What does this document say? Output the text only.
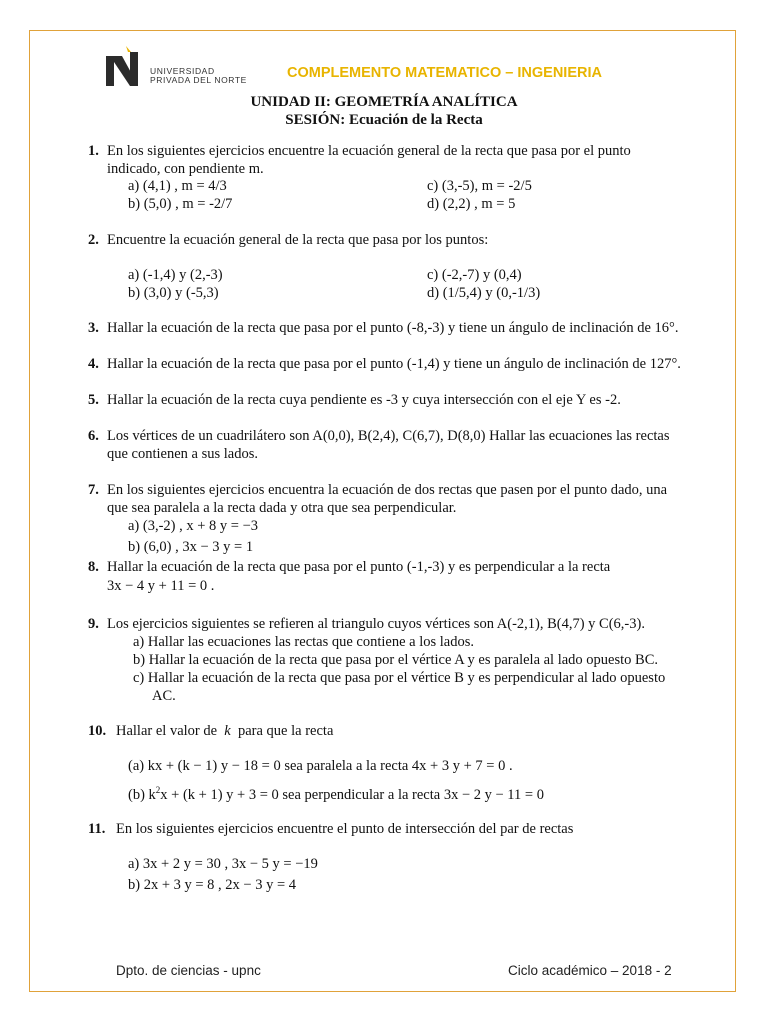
UNIVERSIDAD
PRIVADA DEL NORTE	COMPLEMENTO MATEMATICO – INGENIERIA
UNIDAD II: GEOMETRÍA ANALÍTICA
SESIÓN: Ecuación de la Recta
1. En los siguientes ejercicios encuentre la ecuación general de la recta que pasa por el punto
indicado, con pendiente m.
a) (4,1) , m = 4/3
b) (5,0) , m = -2/7
c) (3,-5), m = -2/5
d) (2,2) , m = 5
2. Encuentre la ecuación general de la recta que pasa por los puntos:
a) (-1,4) y (2,-3)
b) (3,0) y (-5,3)
c) (-2,-7) y (0,4)
d) (1/5,4) y (0,-1/3)
3. Hallar la ecuación de la recta que pasa por el punto (-8,-3) y tiene un ángulo de inclinación de 16°.
4. Hallar la ecuación de la recta que pasa por el punto (-1,4) y tiene un ángulo de inclinación de 127°.
5. Hallar la ecuación de la recta cuya pendiente es -3 y cuya intersección con el eje Y es -2.
6. Los vértices de un cuadrilátero son A(0,0), B(2,4), C(6,7), D(8,0) Hallar las ecuaciones las rectas
que contienen a sus lados.
7. En los siguientes ejercicios encuentra la ecuación de dos rectas que pasen por el punto dado, una
que sea paralela a la recta dada y otra que sea perpendicular.
a) (3,-2) , x + 8 y = −3
b) (6,0) , 3x − 3 y = 1
8. Hallar la ecuación de la recta que pasa por el punto (-1,-3) y es perpendicular a la recta
3x − 4 y + 11 = 0 .
9. Los ejercicios siguientes se refieren al triangulo cuyos vértices son A(-2,1), B(4,7) y C(6,-3).
a) Hallar las ecuaciones las rectas que contiene a los lados.
b) Hallar la ecuación de la recta que pasa por el vértice A y es paralela al lado opuesto BC.
c) Hallar la ecuación de la recta que pasa por el vértice B y es perpendicular al lado opuesto
AC.
10. Hallar el valor de k para que la recta
(a) kx + (k − 1) y − 18 = 0 sea paralela a la recta 4x + 3 y + 7 = 0 .
(b) $k^2x + (k + 1) y + 3 = 0$ sea perpendicular a la recta 3x − 2 y − 11 = 0
11. En los siguientes ejercicios encuentre el punto de intersección del par de rectas
a) 3x + 2 y = 30 , 3x − 5 y = −19
b) 2x + 3 y = 8 , 2x − 3 y = 4
Dpto. de ciencias - upnc	Ciclo académico – 2018 - 2
